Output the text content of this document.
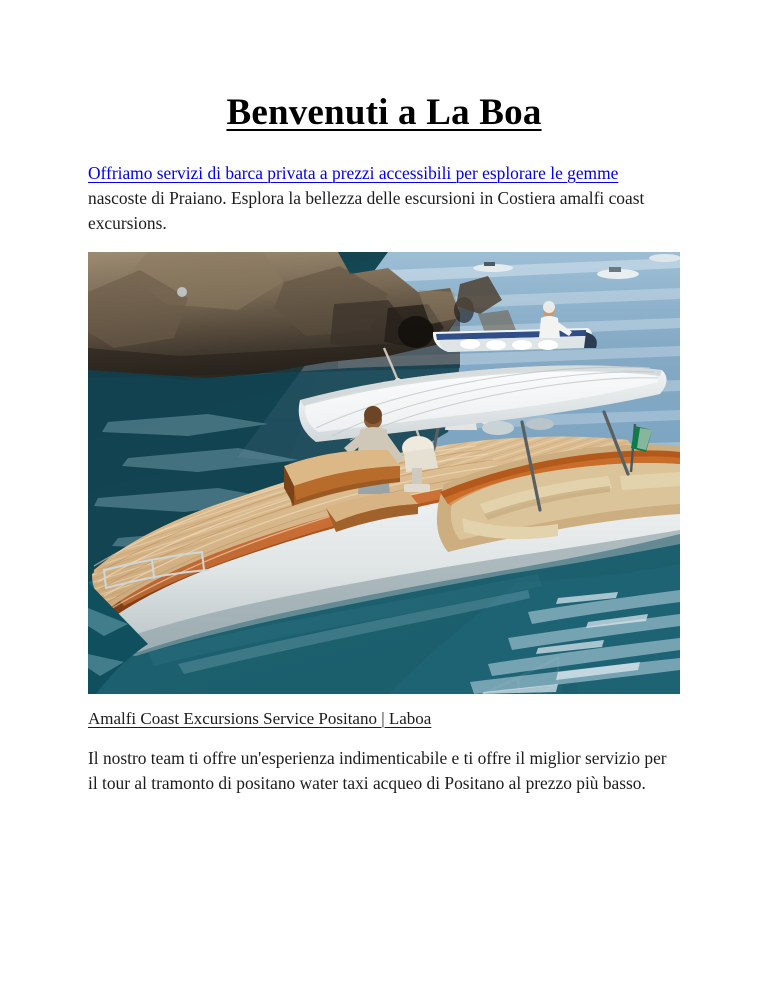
Benvenuti a La Boa

Offriamo servizi di barca privata a prezzi accessibili per esplorare le gemme nascoste di Praiano. Esplora la bellezza delle escursioni in Costiera amalfi coast excursions.

Amalfi Coast Excursions Service Positano | Laboa

Il nostro team ti offre un'esperienza indimenticabile e ti offre il miglior servizio per il tour al tramonto di positano water taxi acqueo di Positano al prezzo più basso.
